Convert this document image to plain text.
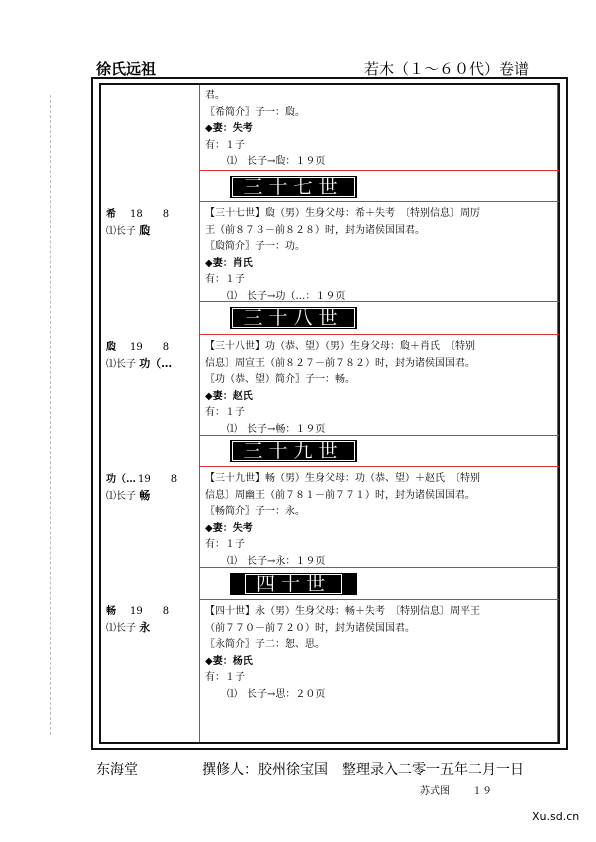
徐氏远祖	若木（１～６０代）卷谱

君。

〖希简介〗子一：瓝。

◆妻：失考

有：１子

⑴　长子→瓝：１９页

三十七世
希 18　　 8
⑴长子 瓝

【三十七世】瓝（男）生身父母：希＋失考　〔特别信息〕周厉

王（前８７３－前８２８）时，封为诸侯国国君。

〖瓝简介〗子一：功。

◆妻：肖氏

有：１子

⑴　长子→功（…：１９页

三十八世
瓝 19　　 8
⑴长子 功（…

【三十八世】功（恭、望）（男）生身父母：瓝＋肖氏　〔特别

信息〕周宣王（前８２７－前７８２）时，封为诸侯国国君。

〖功（恭、望）简介〗子一：畅。

◆妻：赵氏

有：１子

⑴　长子→畅：１９页

三十九世
功（… 19　　 8
⑴长子 畅

【三十九世】畅（男）生身父母：功（恭、望）＋赵氏　〔特别

信息〕周幽王（前７８１－前７７１）时，封为诸侯国国君。

〖畅简介〗子一：永。

◆妻：失考

有：１子

⑴　长子→永：１９页

四十世
畅 19　　 8
⑴长子 永

【四十世】永（男）生身父母：畅＋失考　〔特别信息〕周平王

（前７７０－前７２０）时，封为诸侯国国君。

〖永简介〗子二：恕、思。

◆妻：杨氏

有：１子

⑴　长子→思：２０页

东海堂	撰修人：胶州徐宝国　整理录入二零一五年二月一日
苏式图 １９
Xu.sd.cn
